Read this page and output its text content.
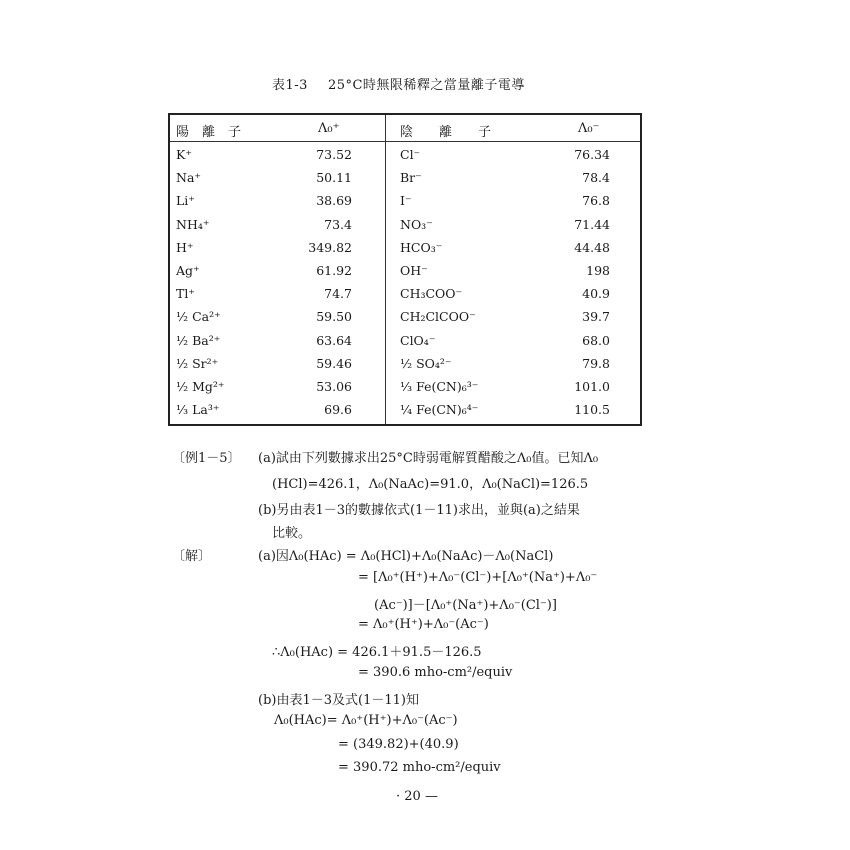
表1-3 25°C時無限稀釋之當量離子電導
陽　離　子	Λ₀⁺	陰　　離　　子	Λ₀⁻
K⁺	73.52	Cl⁻	76.34
Na⁺	50.11	Br⁻	78.4
Li⁺	38.69	I⁻	76.8
NH₄⁺	73.4	NO₃⁻	71.44
H⁺	349.82	HCO₃⁻	44.48
Ag⁺	61.92	OH⁻	198
Tl⁺	74.7	CH₃COO⁻	40.9
½ Ca²⁺	59.50	CH₂ClCOO⁻	39.7
½ Ba²⁺	63.64	ClO₄⁻	68.0
½ Sr²⁺	59.46	½ SO₄²⁻	79.8
½ Mg²⁺	53.06	⅓ Fe(CN)₆³⁻	101.0
⅓ La³⁺	69.6	¼ Fe(CN)₆⁴⁻	110.5
〔例1－5〕 (a)試由下列數據求出25°C時弱電解質醋酸之Λ₀值。已知Λ₀
(HCl)=426.1，Λ₀(NaAc)=91.0，Λ₀(NaCl)=126.5
(b)另由表1－3的數據依式(1－11)求出，並與(a)之結果
比較。
〔解〕	(a)因Λ₀(HAc) = Λ₀(HCl)+Λ₀(NaAc)－Λ₀(NaCl)
= [Λ₀⁺(H⁺)+Λ₀⁻(Cl⁻)+[Λ₀⁺(Na⁺)+Λ₀⁻
(Ac⁻)]－[Λ₀⁺(Na⁺)+Λ₀⁻(Cl⁻)]
= Λ₀⁺(H⁺)+Λ₀⁻(Ac⁻)
∴Λ₀(HAc) = 426.1＋91.5－126.5
= 390.6 mho-cm²/equiv
(b)由表1－3及式(1－11)知
Λ₀(HAc)= Λ₀⁺(H⁺)+Λ₀⁻(Ac⁻)
= (349.82)+(40.9)
= 390.72 mho-cm²/equiv
· 20 —
